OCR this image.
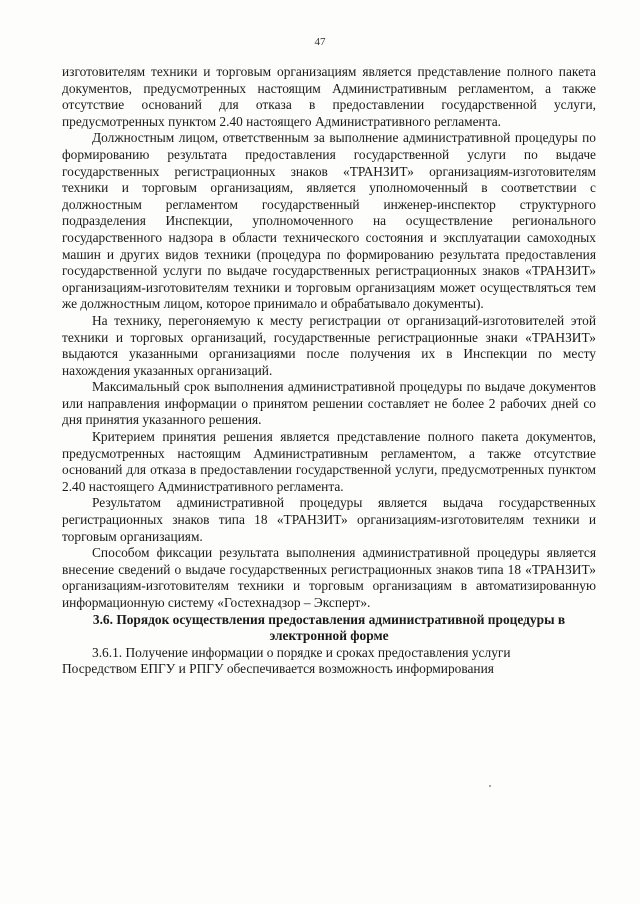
47

изготовителям техники и торговым организациям является представление полного пакета документов, предусмотренных настоящим Административным регламентом, а также отсутствие оснований для отказа в предоставлении государственной услуги, предусмотренных пунктом 2.40 настоящего Административного регламента.

Должностным лицом, ответственным за выполнение административной процедуры по формированию результата предоставления государственной услуги по выдаче государственных регистрационных знаков «ТРАНЗИТ» организациям-изготовителям техники и торговым организациям, является уполномоченный в соответствии с должностным регламентом государственный инженер-инспектор структурного подразделения Инспекции, уполномоченного на осуществление регионального государственного надзора в области технического состояния и эксплуатации самоходных машин и других видов техники (процедура по формированию результата предоставления государственной услуги по выдаче государственных регистрационных знаков «ТРАНЗИТ» организациям-изготовителям техники и торговым организациям может осуществляться тем же должностным лицом, которое принимало и обрабатывало документы).

На технику, перегоняемую к месту регистрации от организаций-изготовителей этой техники и торговых организаций, государственные регистрационные знаки «ТРАНЗИТ» выдаются указанными организациями после получения их в Инспекции по месту нахождения указанных организаций.

Максимальный срок выполнения административной процедуры по выдаче документов или направления информации о принятом решении составляет не более 2 рабочих дней со дня принятия указанного решения.

Критерием принятия решения является представление полного пакета документов, предусмотренных настоящим Административным регламентом, а также отсутствие оснований для отказа в предоставлении государственной услуги, предусмотренных пунктом 2.40 настоящего Административного регламента.

Результатом административной процедуры является выдача государственных регистрационных знаков типа 18 «ТРАНЗИТ» организациям-изготовителям техники и торговым организациям.

Способом фиксации результата выполнения административной процедуры является внесение сведений о выдаче государственных регистрационных знаков типа 18 «ТРАНЗИТ» организациям-изготовителям техники и торговым организациям в автоматизированную информационную систему «Гостехнадзор – Эксперт».

3.6. Порядок осуществления предоставления административной процедуры в электронной форме

3.6.1. Получение информации о порядке и сроках предоставления услуги

Посредством ЕПГУ и РПГУ обеспечивается возможность информирования
